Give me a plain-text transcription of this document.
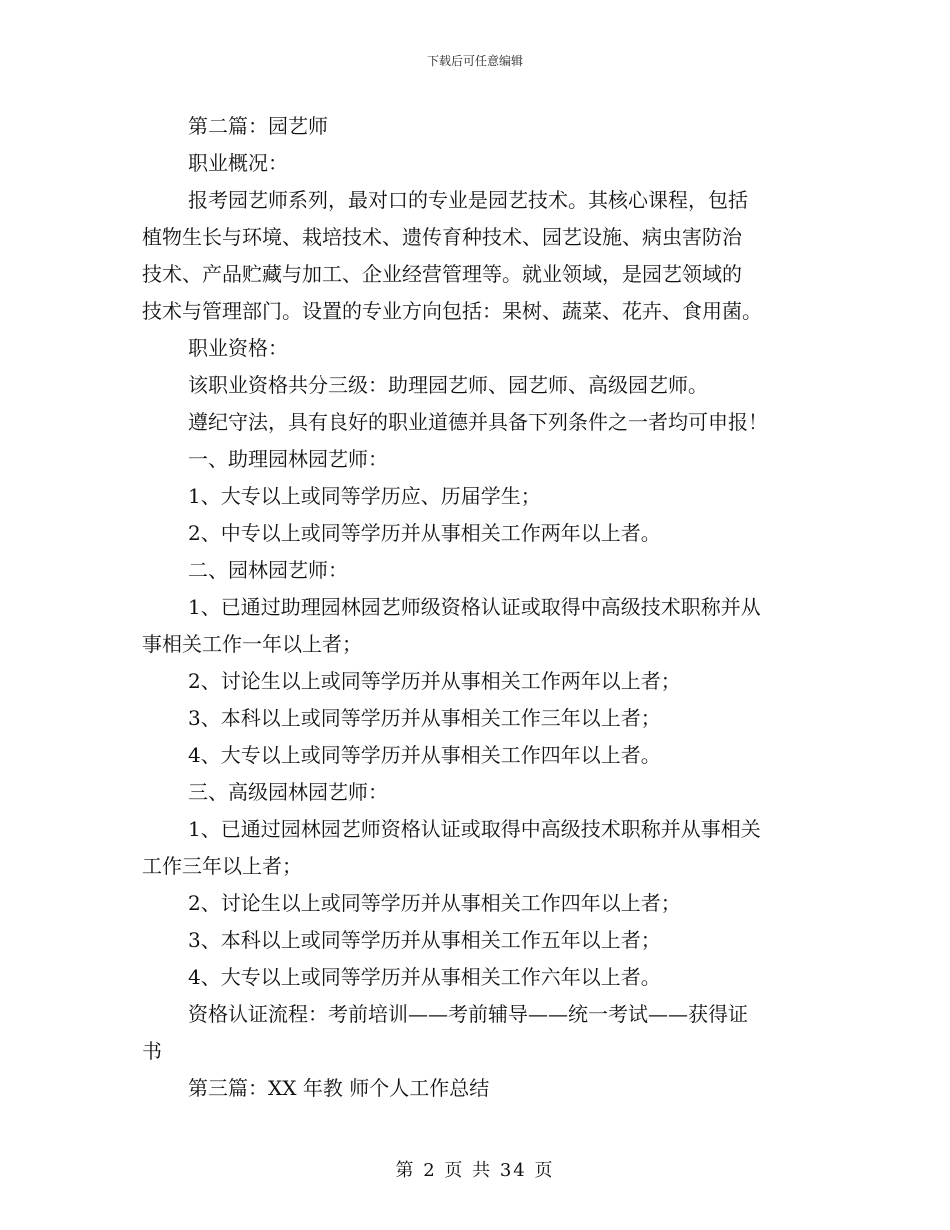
下载后可任意编辑

第二篇：园艺师

职业概况：

报考园艺师系列，最对口的专业是园艺技术。其核心课程，包括

植物生长与环境、栽培技术、遗传育种技术、园艺设施、病虫害防治

技术、产品贮藏与加工、企业经营管理等。就业领域，是园艺领域的

技术与管理部门。设置的专业方向包括：果树、蔬菜、花卉、食用菌。

职业资格：

该职业资格共分三级：助理园艺师、园艺师、高级园艺师。

遵纪守法，具有良好的职业道德并具备下列条件之一者均可申报！

一、助理园林园艺师：

1、大专以上或同等学历应、历届学生；

2、中专以上或同等学历并从事相关工作两年以上者。

二、园林园艺师：

1、已通过助理园林园艺师级资格认证或取得中高级技术职称并从

事相关工作一年以上者；

2、讨论生以上或同等学历并从事相关工作两年以上者；

3、本科以上或同等学历并从事相关工作三年以上者；

4、大专以上或同等学历并从事相关工作四年以上者。

三、高级园林园艺师：

1、已通过园林园艺师资格认证或取得中高级技术职称并从事相关

工作三年以上者；

2、讨论生以上或同等学历并从事相关工作四年以上者；

3、本科以上或同等学历并从事相关工作五年以上者；

4、大专以上或同等学历并从事相关工作六年以上者。

资格认证流程：考前培训——考前辅导——统一考试——获得证

书

第三篇：XX 年教 师个人工作总结

第 2 页 共 34 页
